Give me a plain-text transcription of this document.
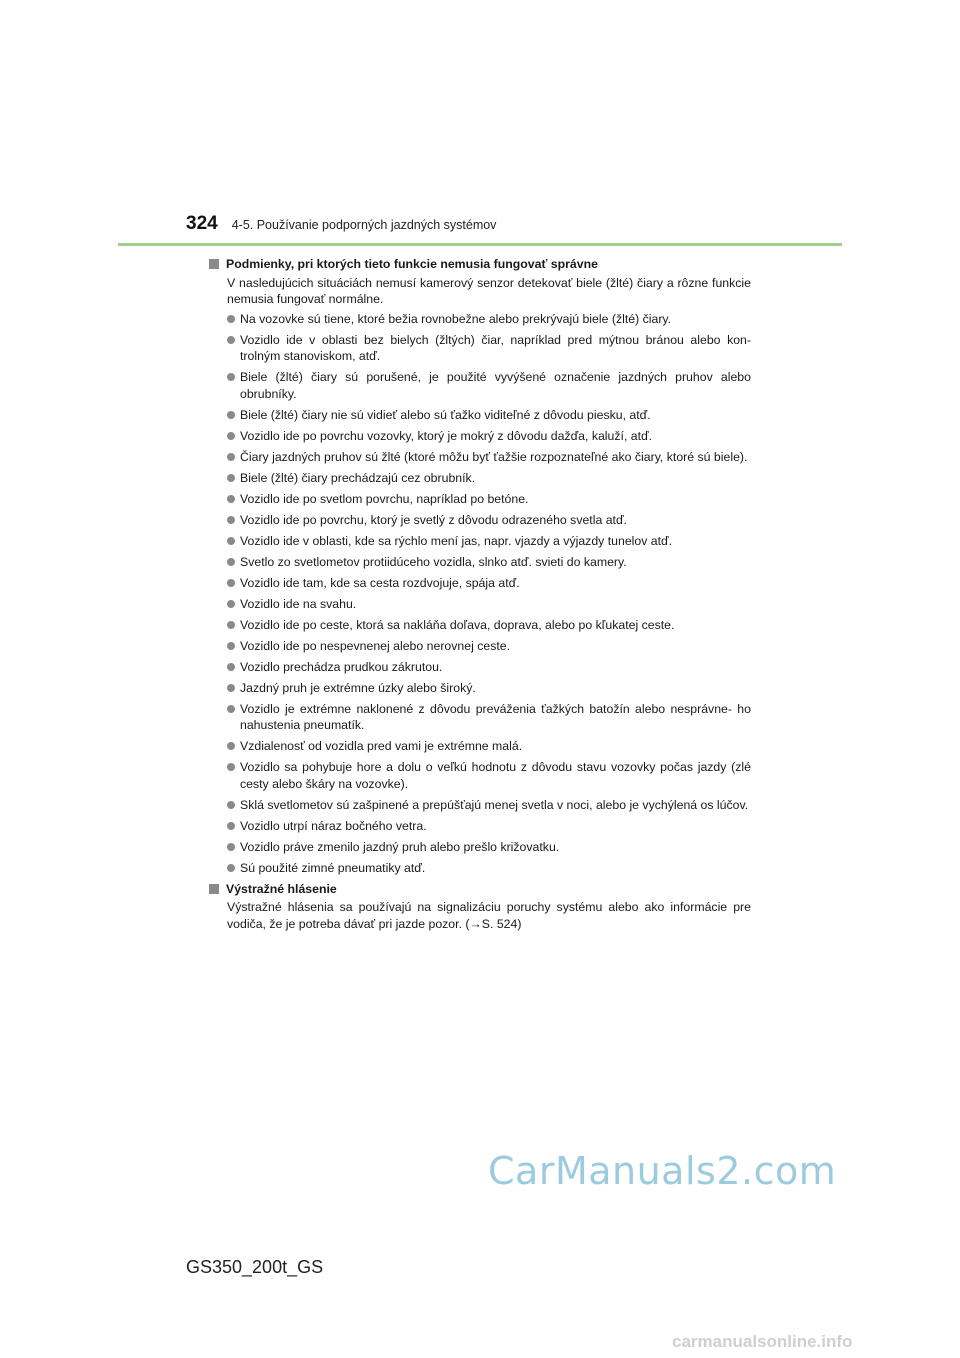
324 4-5. Používanie podporných jazdných systémov
Podmienky, pri ktorých tieto funkcie nemusia fungovať správne
V nasledujúcich situáciách nemusí kamerový senzor detekovať biele (žlté) čiary a rôzne funkcie nemusia fungovať normálne.
Na vozovke sú tiene, ktoré bežia rovnobežne alebo prekrývajú biele (žlté) čiary.
Vozidlo ide v oblasti bez bielych (žltých) čiar, napríklad pred mýtnou bránou alebo kon- trolným stanoviskom, atď.
Biele (žlté) čiary sú porušené, je použité vyvýšené označenie jazdných pruhov alebo obrubníky.
Biele (žlté) čiary nie sú vidieť alebo sú ťažko viditeľné z dôvodu piesku, atď.
Vozidlo ide po povrchu vozovky, ktorý je mokrý z dôvodu dažďa, kaluží, atď.
Čiary jazdných pruhov sú žlté (ktoré môžu byť ťažšie rozpoznateľné ako čiary, ktoré sú biele).
Biele (žlté) čiary prechádzajú cez obrubník.
Vozidlo ide po svetlom povrchu, napríklad po betóne.
Vozidlo ide po povrchu, ktorý je svetlý z dôvodu odrazeného svetla atď.
Vozidlo ide v oblasti, kde sa rýchlo mení jas, napr. vjazdy a výjazdy tunelov atď.
Svetlo zo svetlometov protiidúceho vozidla, slnko atď. svieti do kamery.
Vozidlo ide tam, kde sa cesta rozdvojuje, spája atď.
Vozidlo ide na svahu.
Vozidlo ide po ceste, ktorá sa nakláňa doľava, doprava, alebo po kľukatej ceste.
Vozidlo ide po nespevnenej alebo nerovnej ceste.
Vozidlo prechádza prudkou zákrutou.
Jazdný pruh je extrémne úzky alebo široký.
Vozidlo je extrémne naklonené z dôvodu preváženia ťažkých batožín alebo nesprávne- ho nahustenia pneumatík.
Vzdialenosť od vozidla pred vami je extrémne malá.
Vozidlo sa pohybuje hore a dolu o veľkú hodnotu z dôvodu stavu vozovky počas jazdy (zlé cesty alebo škáry na vozovke).
Sklá svetlometov sú zašpinené a prepúšťajú menej svetla v noci, alebo je vychýlená os lúčov.
Vozidlo utrpí náraz bočného vetra.
Vozidlo práve zmenilo jazdný pruh alebo prešlo križovatku.
Sú použité zimné pneumatiky atď.
Výstražné hlásenie
Výstražné hlásenia sa používajú na signalizáciu poruchy systému alebo ako informácie pre vodiča, že je potreba dávať pri jazde pozor. (→S. 524)
CarManuals2.com
GS350_200t_GS
carmanualsonline.info
